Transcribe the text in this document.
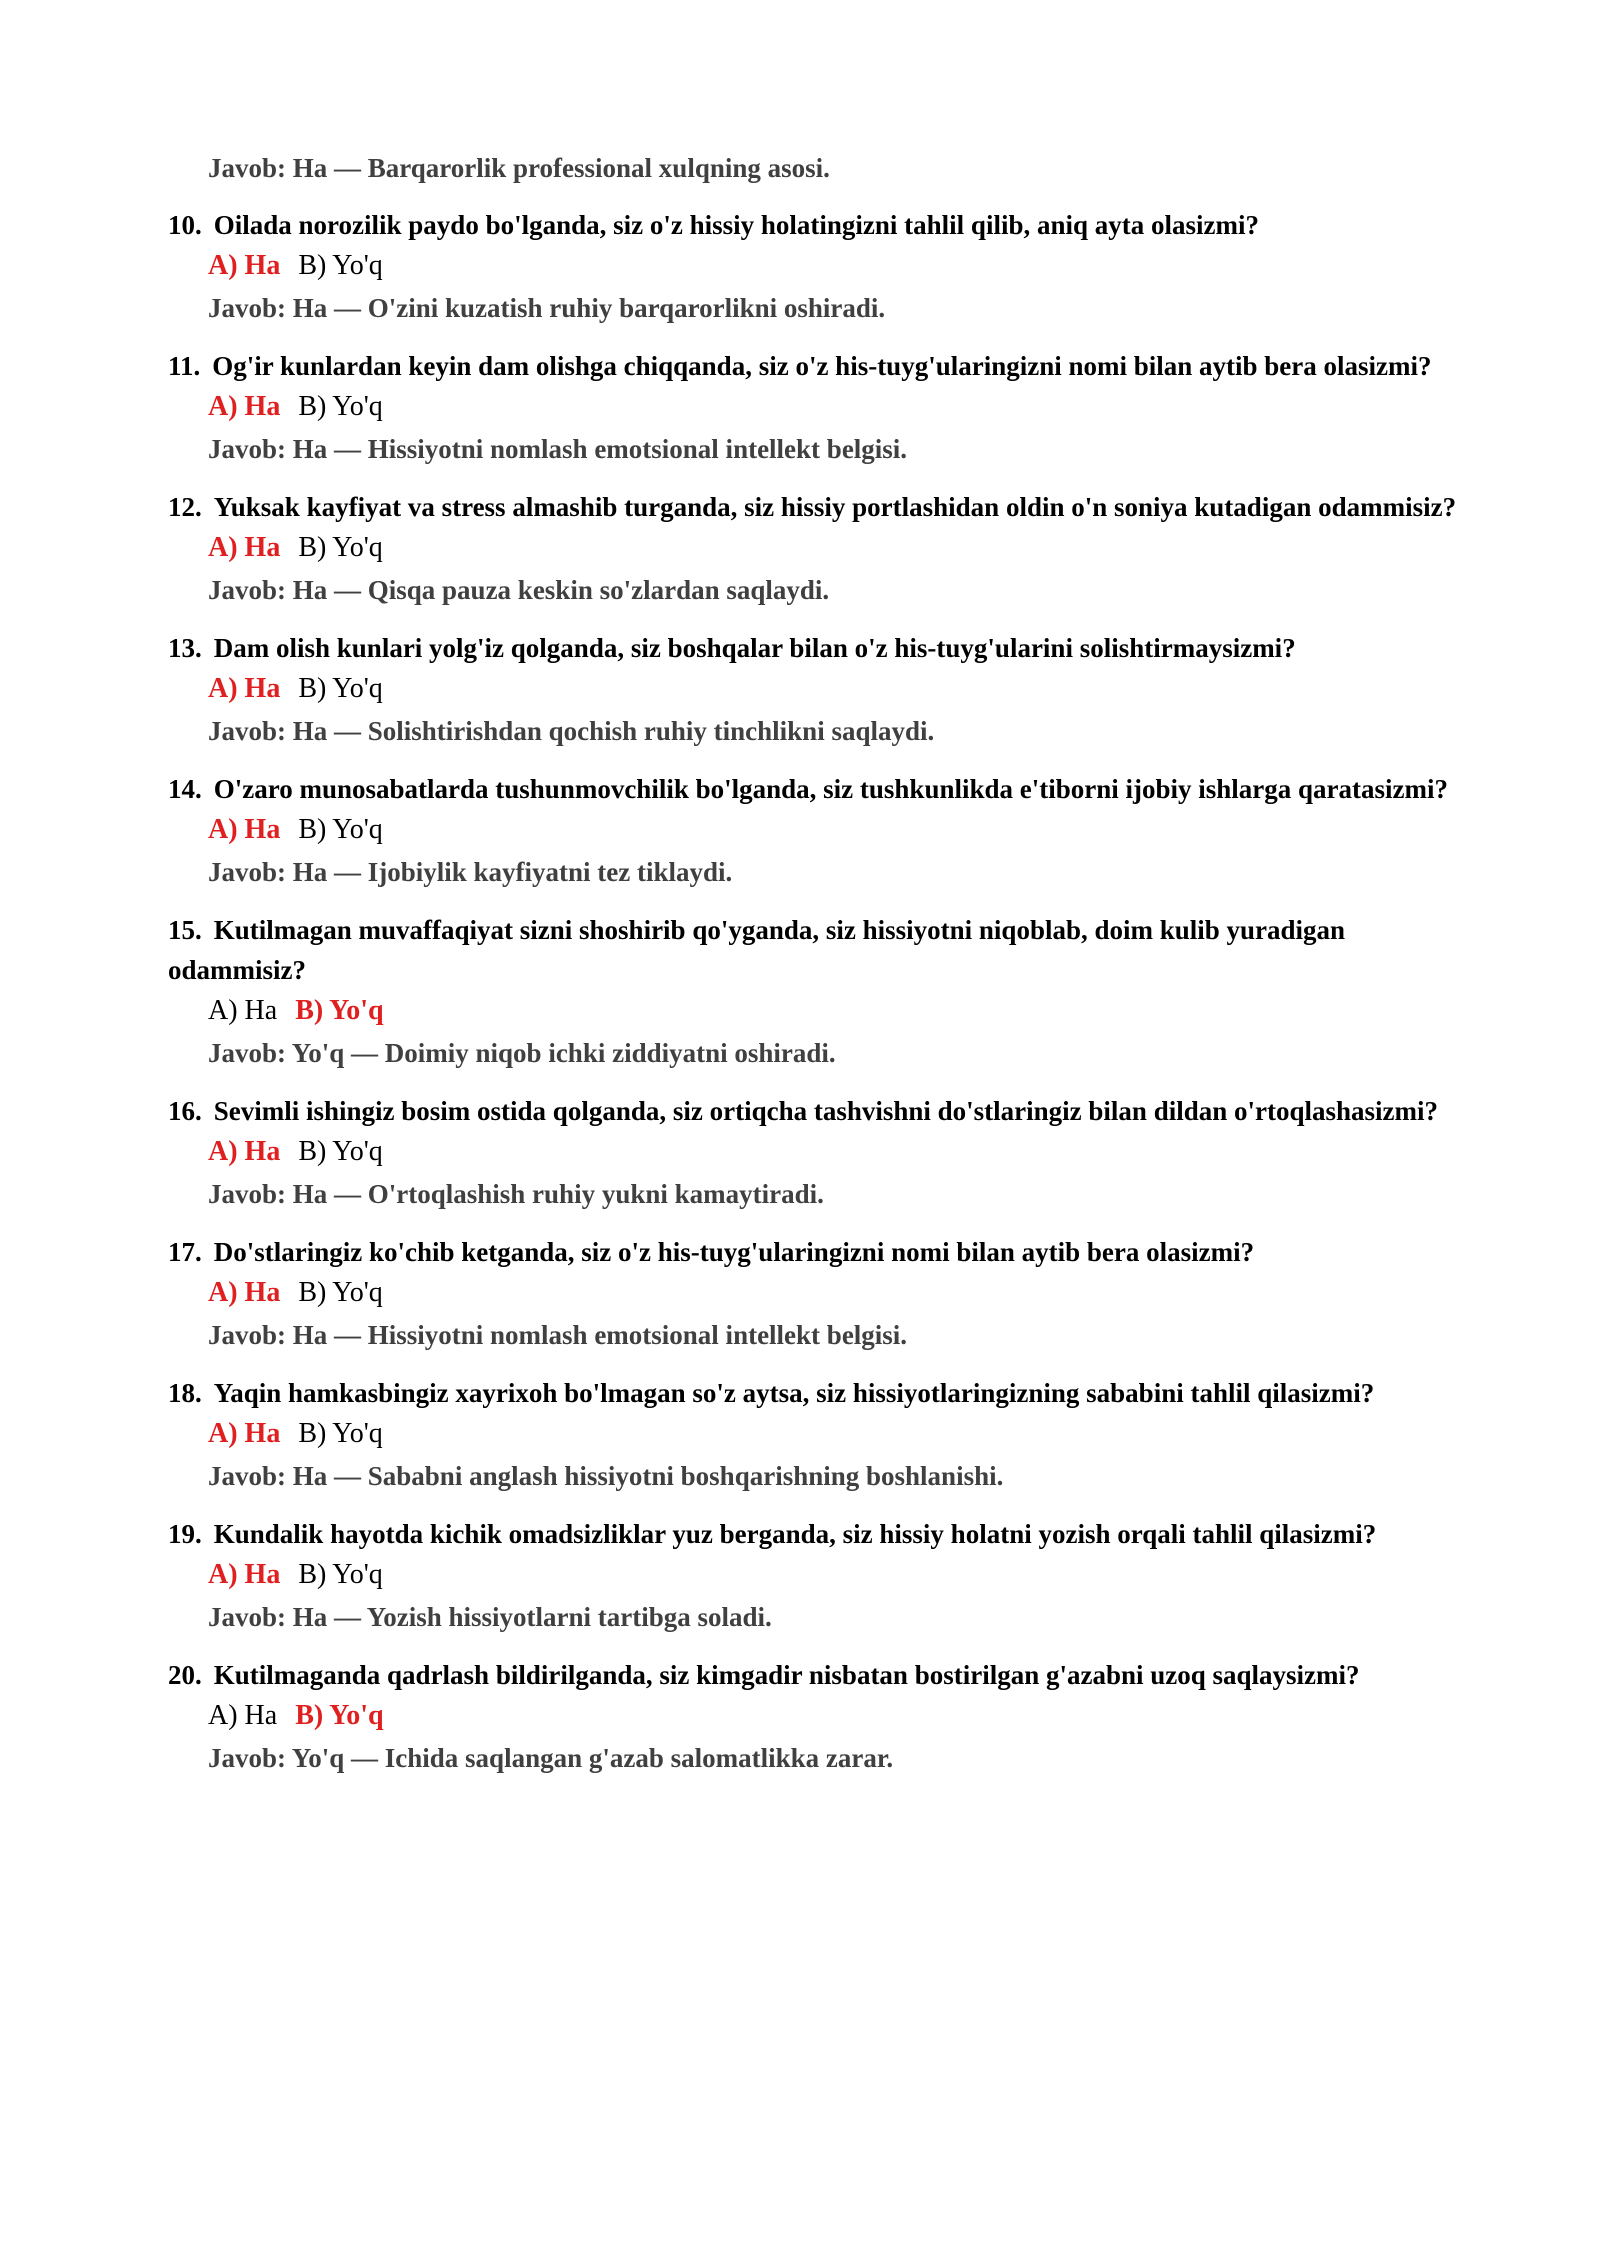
Javob: Ha — Barqarorlik professional xulqning asosi.
10. Oilada norozilik paydo bo'lganda, siz o'z hissiy holatingizni tahlil qilib, aniq ayta olasizmi?
A) Ha B) Yo'q
Javob: Ha — O'zini kuzatish ruhiy barqarorlikni oshiradi.
11. Og'ir kunlardan keyin dam olishga chiqqanda, siz o'z his-tuyg'ularingizni nomi bilan aytib bera olasizmi?
A) Ha B) Yo'q
Javob: Ha — Hissiyotni nomlash emotsional intellekt belgisi.
12. Yuksak kayfiyat va stress almashib turganda, siz hissiy portlashidan oldin o'n soniya kutadigan odammisiz?
A) Ha B) Yo'q
Javob: Ha — Qisqa pauza keskin so'zlardan saqlaydi.
13. Dam olish kunlari yolg'iz qolganda, siz boshqalar bilan o'z his-tuyg'ularini solishtirmaysizmi?
A) Ha B) Yo'q
Javob: Ha — Solishtirishdan qochish ruhiy tinchlikni saqlaydi.
14. O'zaro munosabatlarda tushunmovchilik bo'lganda, siz tushkunlikda e'tiborni ijobiy ishlarga qaratasizmi?
A) Ha B) Yo'q
Javob: Ha — Ijobiylik kayfiyatni tez tiklaydi.
15. Kutilmagan muvaffaqiyat sizni shoshirib qo'yganda, siz hissiyotni niqoblab, doim kulib yuradigan odammisiz?
A) Ha B) Yo'q
Javob: Yo'q — Doimiy niqob ichki ziddiyatni oshiradi.
16. Sevimli ishingiz bosim ostida qolganda, siz ortiqcha tashvishni do'stlaringiz bilan dildan o'rtoqlashasizmi?
A) Ha B) Yo'q
Javob: Ha — O'rtoqlashish ruhiy yukni kamaytiradi.
17. Do'stlaringiz ko'chib ketganda, siz o'z his-tuyg'ularingizni nomi bilan aytib bera olasizmi?
A) Ha B) Yo'q
Javob: Ha — Hissiyotni nomlash emotsional intellekt belgisi.
18. Yaqin hamkasbingiz xayrixoh bo'lmagan so'z aytsa, siz hissiyotlaringizning sababini tahlil qilasizmi?
A) Ha B) Yo'q
Javob: Ha — Sababni anglash hissiyotni boshqarishning boshlanishi.
19. Kundalik hayotda kichik omadsizliklar yuz berganda, siz hissiy holatni yozish orqali tahlil qilasizmi?
A) Ha B) Yo'q
Javob: Ha — Yozish hissiyotlarni tartibga soladi.
20. Kutilmaganda qadrlash bildirilganda, siz kimgadir nisbatan bostirilgan g'azabni uzoq saqlaysizmi?
A) Ha B) Yo'q
Javob: Yo'q — Ichida saqlangan g'azab salomatlikka zarar.
